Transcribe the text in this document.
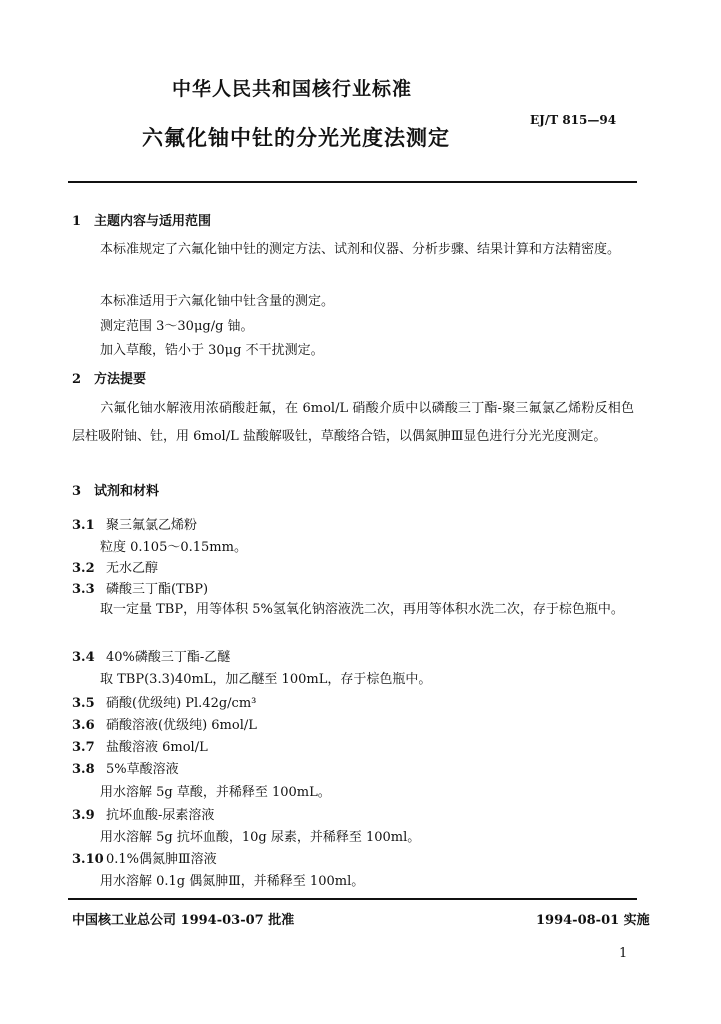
中华人民共和国核行业标准
EJ/T 815—94
六氟化铀中钍的分光光度法测定
1 主题内容与适用范围
本标准规定了六氟化铀中钍的测定方法、试剂和仪器、分析步骤、结果计算和方法精密度。
本标准适用于六氟化铀中钍含量的测定。
测定范围 3～30μg/g 铀。
加入草酸，锆小于 30μg 不干扰测定。
2 方法提要
六氟化铀水解液用浓硝酸赶氟，在 6mol/L 硝酸介质中以磷酸三丁酯-聚三氟氯乙烯粉反相色层柱吸附铀、钍，用 6mol/L 盐酸解吸钍，草酸络合锆，以偶氮胂Ⅲ显色进行分光光度测定。
3 试剂和材料
3.1 聚三氟氯乙烯粉
粒度 0.105～0.15mm。
3.2 无水乙醇
3.3 磷酸三丁酯(TBP)
取一定量 TBP，用等体积 5%氢氧化钠溶液洗二次，再用等体积水洗二次，存于棕色瓶中。
3.4 40%磷酸三丁酯-乙醚
取 TBP(3.3)40mL，加乙醚至 100mL，存于棕色瓶中。
3.5 硝酸(优级纯) Pl.42g/cm³
3.6 硝酸溶液(优级纯) 6mol/L
3.7 盐酸溶液 6mol/L
3.8 5%草酸溶液
用水溶解 5g 草酸，并稀释至 100mL。
3.9 抗坏血酸-尿素溶液
用水溶解 5g 抗坏血酸，10g 尿素，并稀释至 100ml。
3.10 0.1%偶氮胂Ⅲ溶液
用水溶解 0.1g 偶氮胂Ⅲ，并稀释至 100ml。
中国核工业总公司 1994-03-07 批准	1994-08-01 实施
1
